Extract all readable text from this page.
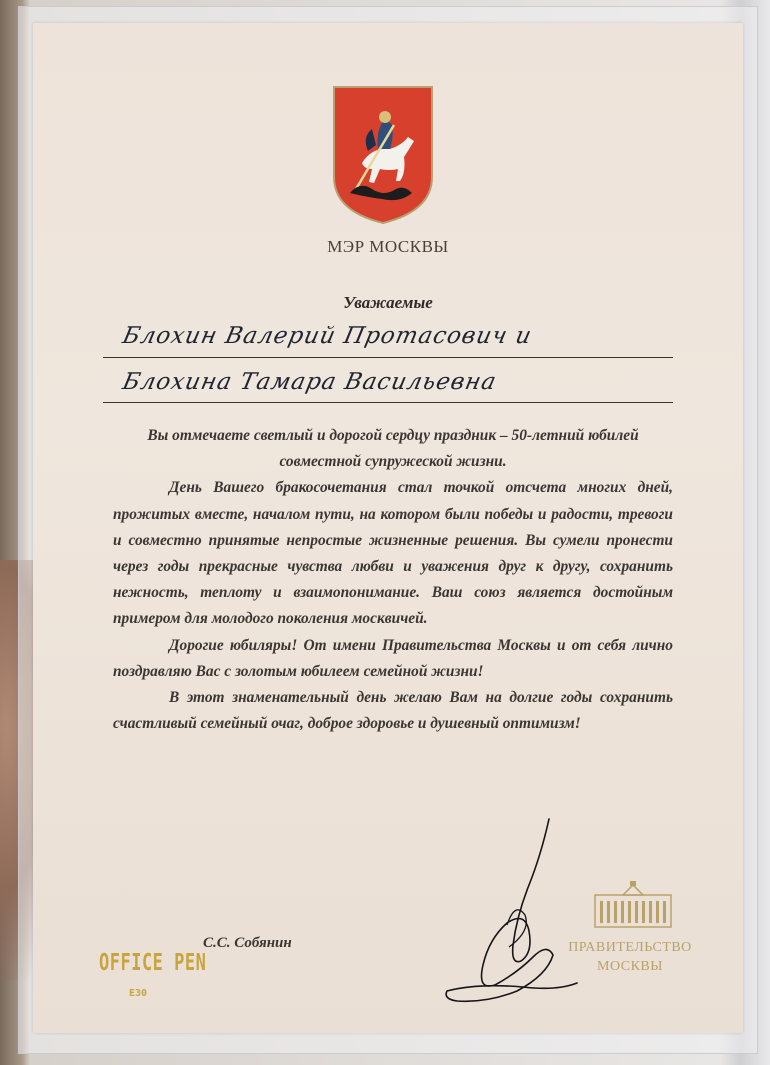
МЭР МОСКВЫ
Уважаемые
Блохин Валерий Протасович и
Блохина Тамара Васильевна

Вы отмечаете светлый и дорогой сердцу праздник – 50-летний юбилей совместной супружеской жизни.

День Вашего бракосочетания стал точкой отсчета многих дней, прожитых вместе, началом пути, на котором были победы и радости, тревоги и совместно принятые непростые жизненные решения. Вы сумели пронести через годы прекрасные чувства любви и уважения друг к другу, сохранить нежность, теплоту и взаимопонимание. Ваш союз является достойным примером для молодого поколения москвичей.

Дорогие юбиляры! От имени Правительства Москвы и от себя лично поздравляю Вас с золотым юбилеем семейной жизни!

В этот знаменательный день желаю Вам на долгие годы сохранить счастливый семейный очаг, доброе здоровье и душевный оптимизм!

С.С. Собянин	ПРАВИТЕЛЬСТВО
МОСКВЫ
OFFICE PEN
E30
